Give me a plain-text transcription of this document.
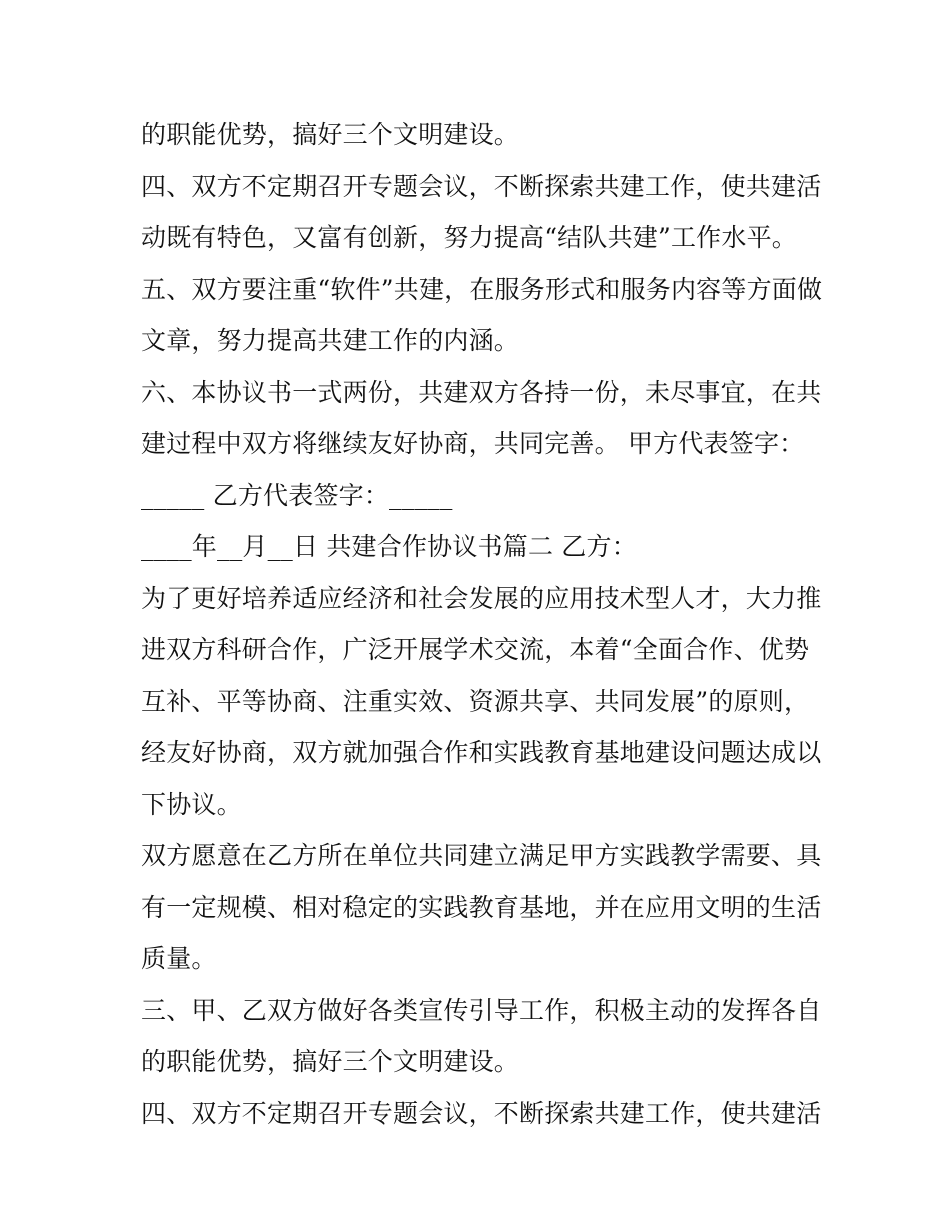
的职能优势，搞好三个文明建设。
四、双方不定期召开专题会议，不断探索共建工作，使共建活
动既有特色，又富有创新，努力提高“结队共建”工作水平。
五、双方要注重“软件”共建，在服务形式和服务内容等方面做
文章，努力提高共建工作的内涵。
六、本协议书一式两份，共建双方各持一份，未尽事宜，在共
建过程中双方将继续友好协商，共同完善。 甲方代表签字：
_____ 乙方代表签字：_____
____年__月__日 共建合作协议书篇二 乙方：
为了更好培养适应经济和社会发展的应用技术型人才，大力推
进双方科研合作，广泛开展学术交流，本着“全面合作、优势
互补、平等协商、注重实效、资源共享、共同发展”的原则，
经友好协商，双方就加强合作和实践教育基地建设问题达成以
下协议。
双方愿意在乙方所在单位共同建立满足甲方实践教学需要、具
有一定规模、相对稳定的实践教育基地，并在应用文明的生活
质量。
三、甲、乙双方做好各类宣传引导工作，积极主动的发挥各自
的职能优势，搞好三个文明建设。
四、双方不定期召开专题会议，不断探索共建工作，使共建活
